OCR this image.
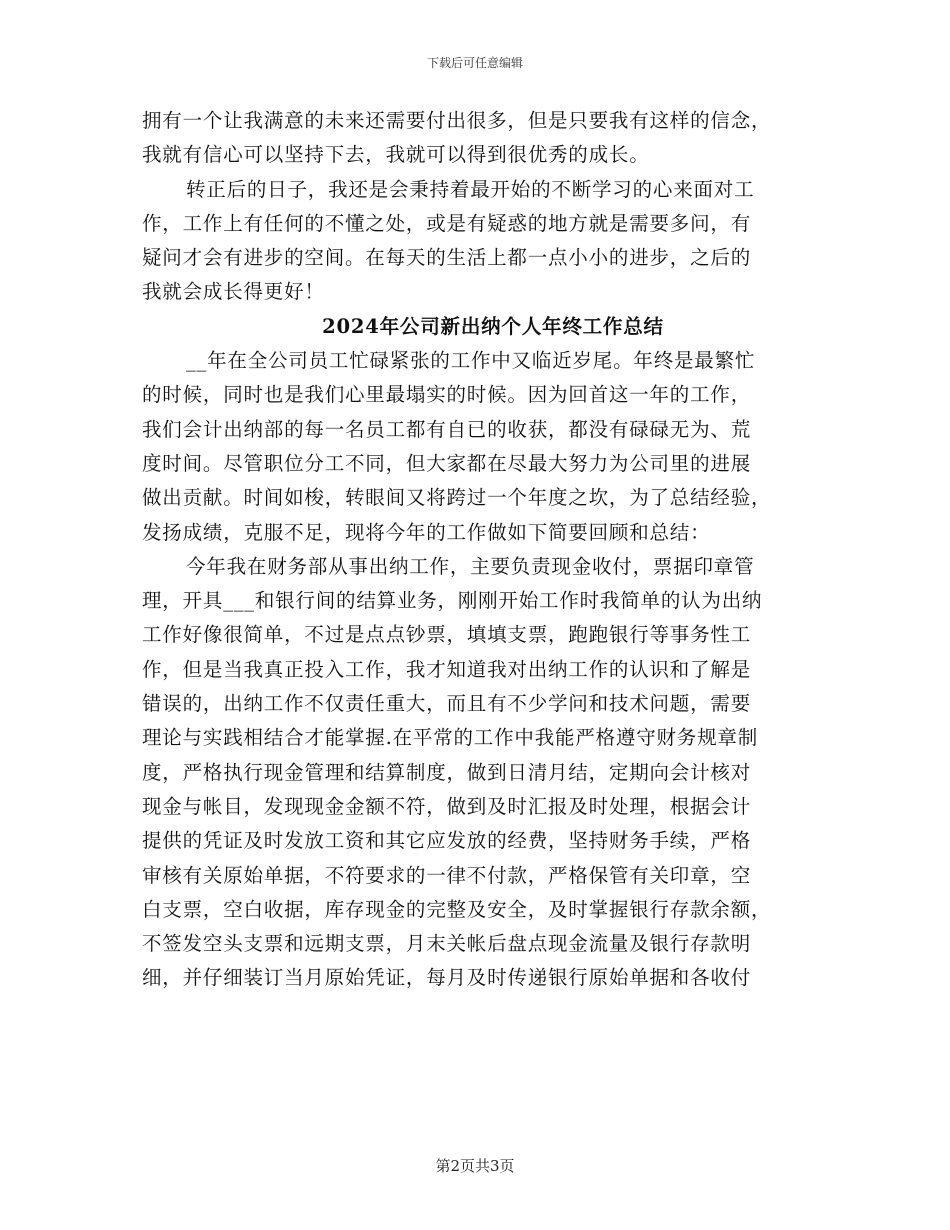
下载后可任意编辑
拥有一个让我满意的未来还需要付出很多，但是只要我有这样的信念，
我就有信心可以坚持下去，我就可以得到很优秀的成长。
转正后的日子，我还是会秉持着最开始的不断学习的心来面对工
作，工作上有任何的不懂之处，或是有疑惑的地方就是需要多问，有
疑问才会有进步的空间。在每天的生活上都一点小小的进步，之后的
我就会成长得更好！
2024年公司新出纳个人年终工作总结
__年在全公司员工忙碌紧张的工作中又临近岁尾。年终是最繁忙
的时候，同时也是我们心里最塌实的时候。因为回首这一年的工作，
我们会计出纳部的每一名员工都有自已的收获，都没有碌碌无为、荒
度时间。尽管职位分工不同，但大家都在尽最大努力为公司里的进展
做出贡献。时间如梭，转眼间又将跨过一个年度之坎，为了总结经验，
发扬成绩，克服不足，现将今年的工作做如下简要回顾和总结：
今年我在财务部从事出纳工作，主要负责现金收付，票据印章管
理，开具___和银行间的结算业务，刚刚开始工作时我简单的认为出纳
工作好像很简单，不过是点点钞票，填填支票，跑跑银行等事务性工
作，但是当我真正投入工作，我才知道我对出纳工作的认识和了解是
错误的，出纳工作不仅责任重大，而且有不少学问和技术问题，需要
理论与实践相结合才能掌握.在平常的工作中我能严格遵守财务规章制
度，严格执行现金管理和结算制度，做到日清月结，定期向会计核对
现金与帐目，发现现金金额不符，做到及时汇报及时处理，根据会计
提供的凭证及时发放工资和其它应发放的经费，坚持财务手续，严格
审核有关原始单据，不符要求的一律不付款，严格保管有关印章，空
白支票，空白收据，库存现金的完整及安全，及时掌握银行存款余额，
不签发空头支票和远期支票，月末关帐后盘点现金流量及银行存款明
细，并仔细装订当月原始凭证，每月及时传递银行原始单据和各收付
第2页共3页
